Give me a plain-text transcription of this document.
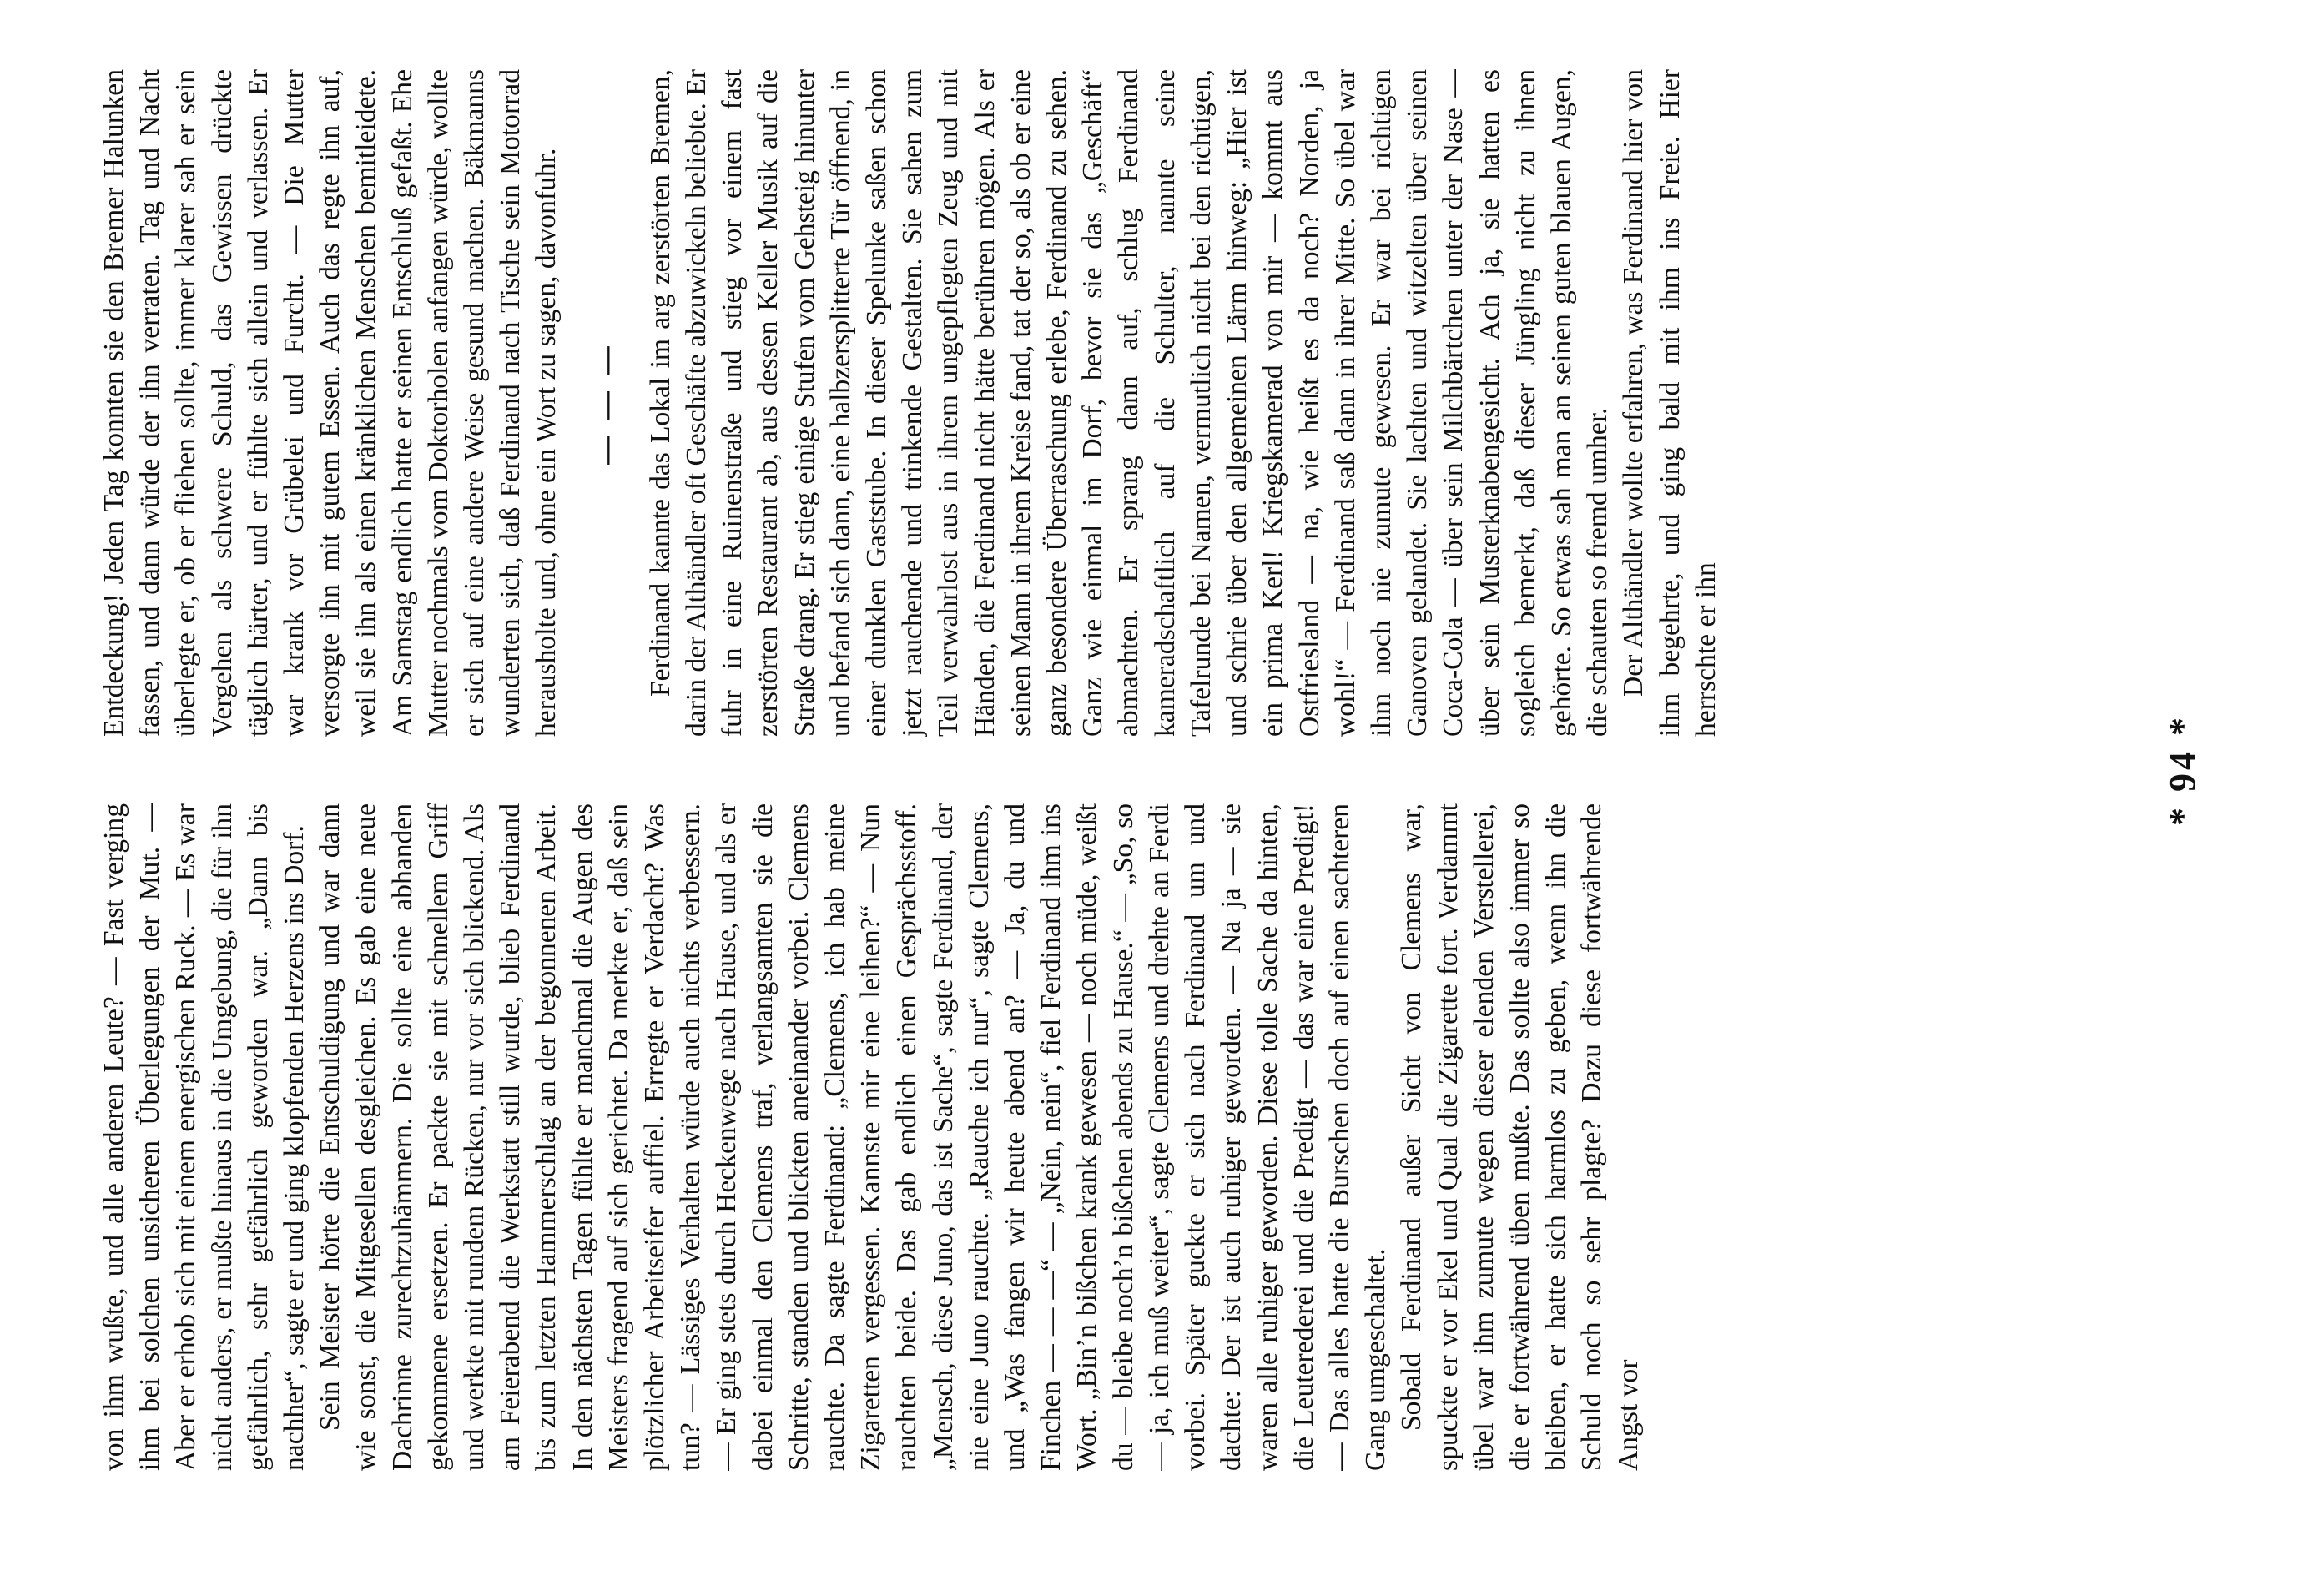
von ihm wußte, und alle anderen Leute? — Fast verging ihm bei solchen unsicheren Überlegungen der Mut. — Aber er erhob sich mit einem energischen Ruck. — Es war nicht anders, er mußte hinaus in die Umgebung, die für ihn gefährlich, sehr gefährlich geworden war. „Dann bis nachher“, sagte er und ging klopfenden Herzens ins Dorf. Sein Meister hörte die Entschuldigung und war dann wie sonst, die Mitgesellen desgleichen. Es gab eine neue Dachrinne zurechtzuhämmern. Die sollte eine abhanden gekommene ersetzen. Er packte sie mit schnellem Griff und werkte mit rundem Rücken, nur vor sich blickend. Als am Feierabend die Werkstatt still wurde, blieb Ferdinand bis zum letzten Hammerschlag an der begonnenen Arbeit. In den nächsten Tagen fühlte er manchmal die Augen des Meisters fragend auf sich gerichtet. Da merkte er, daß sein plötzlicher Arbeitseifer auffiel. Erregte er Verdacht? Was tun? — Lässiges Verhalten würde auch nichts verbessern. — Er ging stets durch Heckenwege nach Hause, und als er dabei einmal den Clemens traf, verlangsamten sie die Schritte, standen und blickten aneinander vorbei. Clemens rauchte. Da sagte Ferdinand: „Clemens, ich hab meine Zigaretten vergessen. Kannste mir eine leihen?“ — Nun rauchten beide. Das gab endlich einen Gesprächsstoff. „Mensch, diese Juno, das ist Sache“, sagte Ferdinand, der nie eine Juno rauchte. „Rauche ich nur“, sagte Clemens, und „Was fangen wir heute abend an? — Ja, du und Finchen — — —“ — „Nein, nein“, fiel Ferdinand ihm ins Wort. „Bin’n bißchen krank gewesen — noch müde, weißt du — bleibe noch’n bißchen abends zu Hause.“ — „So, so — ja, ich muß weiter“, sagte Clemens und drehte an Ferdi vorbei. Später guckte er sich nach Ferdinand um und dachte: Der ist auch ruhiger geworden. — Na ja — sie waren alle ruhiger geworden. Diese tolle Sache da hinten, die Leuterederei und die Predigt — das war eine Predigt! — Das alles hatte die Burschen doch auf einen sachteren Gang umgeschaltet. Sobald Ferdinand außer Sicht von Clemens war, spuckte er vor Ekel und Qual die Zigarette fort. Verdammt übel war ihm zumute wegen dieser elenden Verstellerei, die er fortwährend üben mußte. Das sollte also immer so bleiben, er hatte sich harmlos zu geben, wenn ihn die Schuld noch so sehr plagte? Dazu diese fortwährende Angst vor

Entdeckung! Jeden Tag konnten sie den Bremer Halunken fassen, und dann würde der ihn verraten. Tag und Nacht überlegte er, ob er fliehen sollte, immer klarer sah er sein Vergehen als schwere Schuld, das Gewissen drückte täglich härter, und er fühlte sich allein und verlassen. Er war krank vor Grübelei und Furcht. — Die Mutter versorgte ihn mit gutem Essen. Auch das regte ihn auf, weil sie ihn als einen kränklichen Menschen bemitleidete. Am Samstag endlich hatte er seinen Entschluß gefaßt. Ehe Mutter nochmals vom Doktorholen anfangen würde, wollte er sich auf eine andere Weise gesund machen. Bäkmanns wunderten sich, daß Ferdinand nach Tische sein Motorrad herausholte und, ohne ein Wort zu sagen, davonfuhr. — — — Ferdinand kannte das Lokal im arg zerstörten Bremen, darin der Althändler oft Geschäfte abzuwickeln beliebte. Er fuhr in eine Ruinenstraße und stieg vor einem fast zerstörten Restaurant ab, aus dessen Keller Musik auf die Straße drang. Er stieg einige Stufen vom Gehsteig hinunter und befand sich dann, eine halbzersplitterte Tür öffnend, in einer dunklen Gaststube. In dieser Spelunke saßen schon jetzt rauchende und trinkende Gestalten. Sie sahen zum Teil verwahrlost aus in ihrem ungepflegten Zeug und mit Händen, die Ferdinand nicht hätte berühren mögen. Als er seinen Mann in ihrem Kreise fand, tat der so, als ob er eine ganz besondere Überraschung erlebe, Ferdinand zu sehen. Ganz wie einmal im Dorf, bevor sie das „Geschäft“ abmachten. Er sprang dann auf, schlug Ferdinand kameradschaftlich auf die Schulter, nannte seine Tafelrunde bei Namen, vermutlich nicht bei den richtigen, und schrie über den allgemeinen Lärm hinweg: „Hier ist ein prima Kerl! Kriegskamerad von mir — kommt aus Ostfriesland — na, wie heißt es da noch? Norden, ja wohl!“ — Ferdinand saß dann in ihrer Mitte. So übel war ihm noch nie zumute gewesen. Er war bei richtigen Ganoven gelandet. Sie lachten und witzelten über seinen Coca-Cola — über sein Milchbärtchen unter der Nase — über sein Musterknabengesicht. Ach ja, sie hatten es sogleich bemerkt, daß dieser Jüngling nicht zu ihnen gehörte. So etwas sah man an seinen guten blauen Augen, die schauten so fremd umher. Der Althändler wollte erfahren, was Ferdinand hier von ihm begehrte, und ging bald mit ihm ins Freie. Hier herrschte er ihn

* 94 *
